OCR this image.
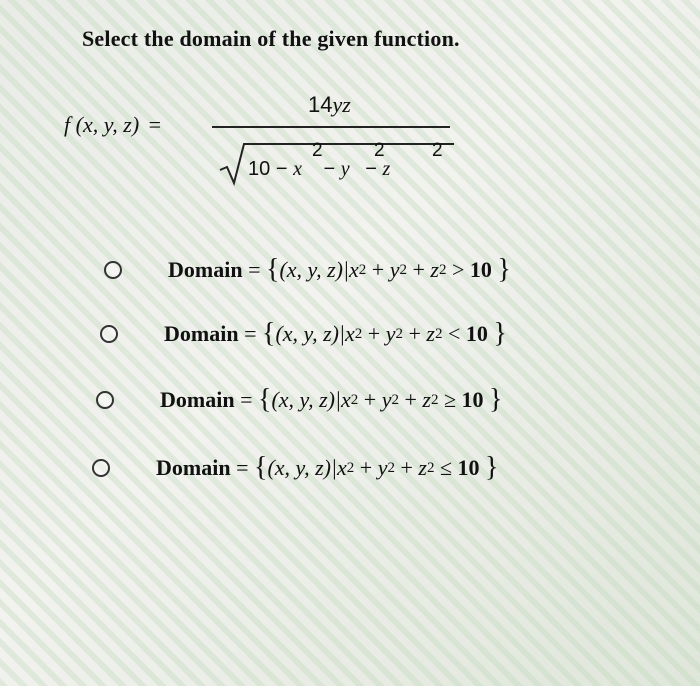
Select the domain of the given function.
f (x, y, z) =
14yz
2	2 2
10 − x − y − z
Domain = { (x, y, z)| x 2 + y 2 + z 2
>
10
}
Domain = { (x, y, z)| x 2 + y 2 + z 2
<
10
}
Domain = { (x, y, z)| x 2 + y 2 + z 2
≥
10
}
Domain = { (x, y, z)| x 2 + y 2 + z 2
≤
10
}
